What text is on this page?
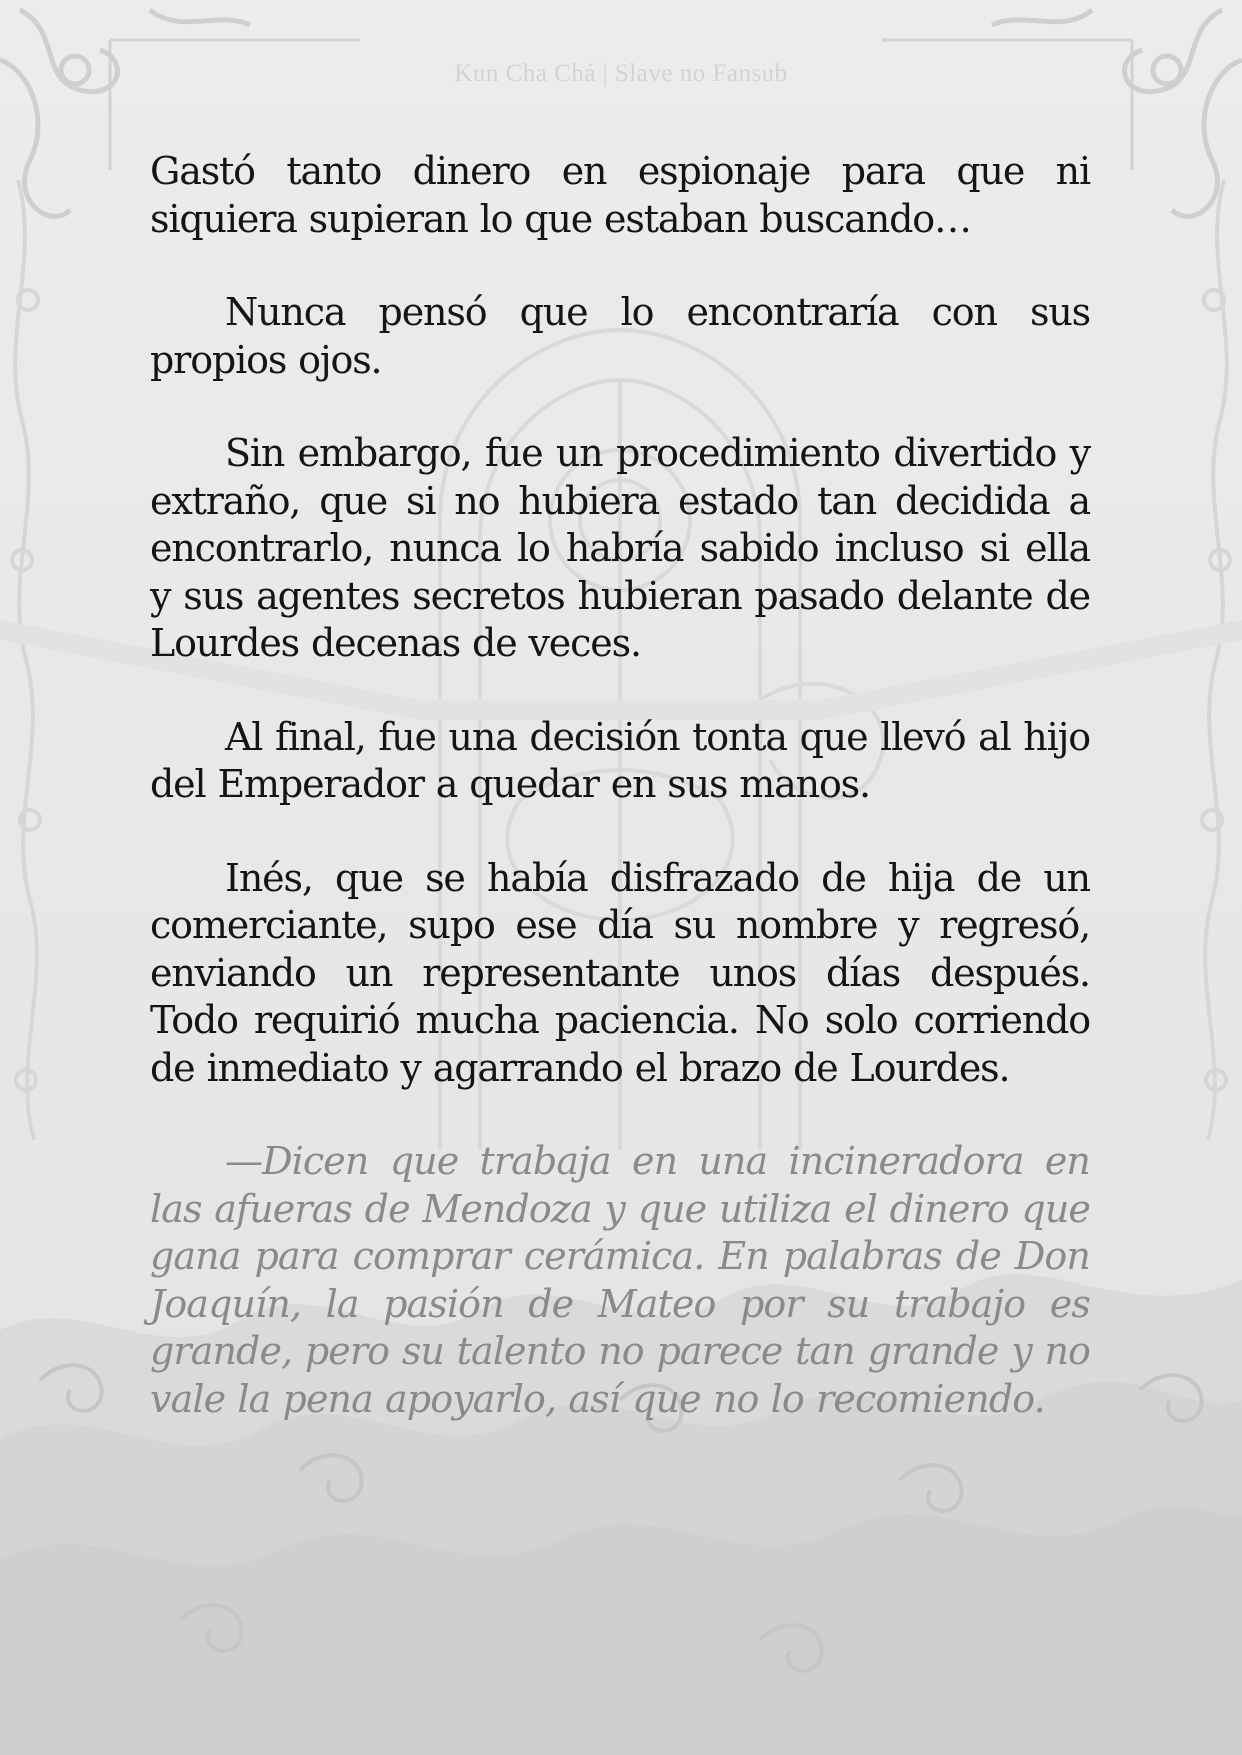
Kun Cha Chá | Slave no Fansub

Gastó tanto dinero en espionaje para que ni siquiera supieran lo que estaban buscando…

Nunca pensó que lo encontraría con sus propios ojos.

Sin embargo, fue un procedimiento divertido y extraño, que si no hubiera estado tan decidida a encontrarlo, nunca lo habría sabido incluso si ella y sus agentes secretos hubieran pasado delante de Lourdes decenas de veces.

Al final, fue una decisión tonta que llevó al hijo del Emperador a quedar en sus manos.

Inés, que se había disfrazado de hija de un comerciante, supo ese día su nombre y regresó, enviando un representante unos días después. Todo requirió mucha paciencia. No solo corriendo de inmediato y agarrando el brazo de Lourdes.

—Dicen que trabaja en una incineradora en las afueras de Mendoza y que utiliza el dinero que gana para comprar cerámica. En palabras de Don Joaquín, la pasión de Mateo por su trabajo es grande, pero su talento no parece tan grande y no vale la pena apoyarlo, así que no lo recomiendo.
